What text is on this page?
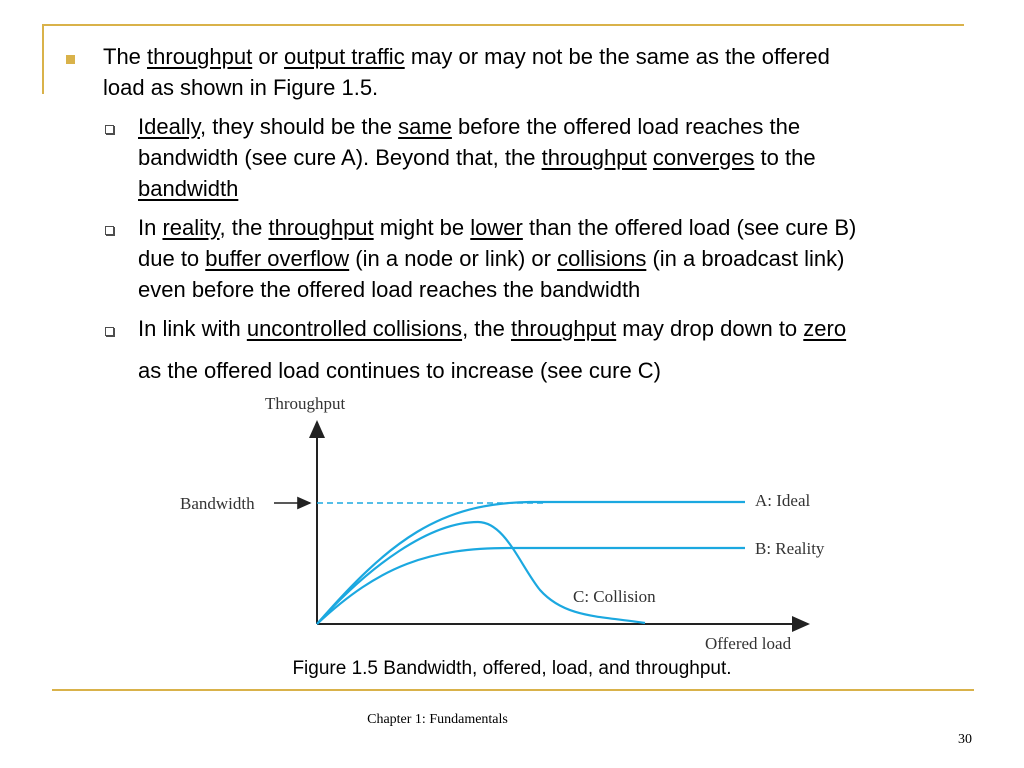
The throughput or output traffic may or may not be the same as the offered
load as shown in Figure 1.5.
Ideally, they should be the same before the offered load reaches the
bandwidth (see cure A). Beyond that, the throughput converges to the
bandwidth
In reality, the throughput might be lower than the offered load (see cure B)
due to buffer overflow (in a node or link) or collisions (in a broadcast link)
even before the offered load reaches the bandwidth
In link with uncontrolled collisions, the throughput may drop down to zero
as the offered load continues to increase (see cure C)
Throughput
Offered load
Bandwidth	A: Ideal
B: Reality
C: Collision
Figure 1.5 Bandwidth, offered, load, and throughput.
Chapter 1: Fundamentals
30
